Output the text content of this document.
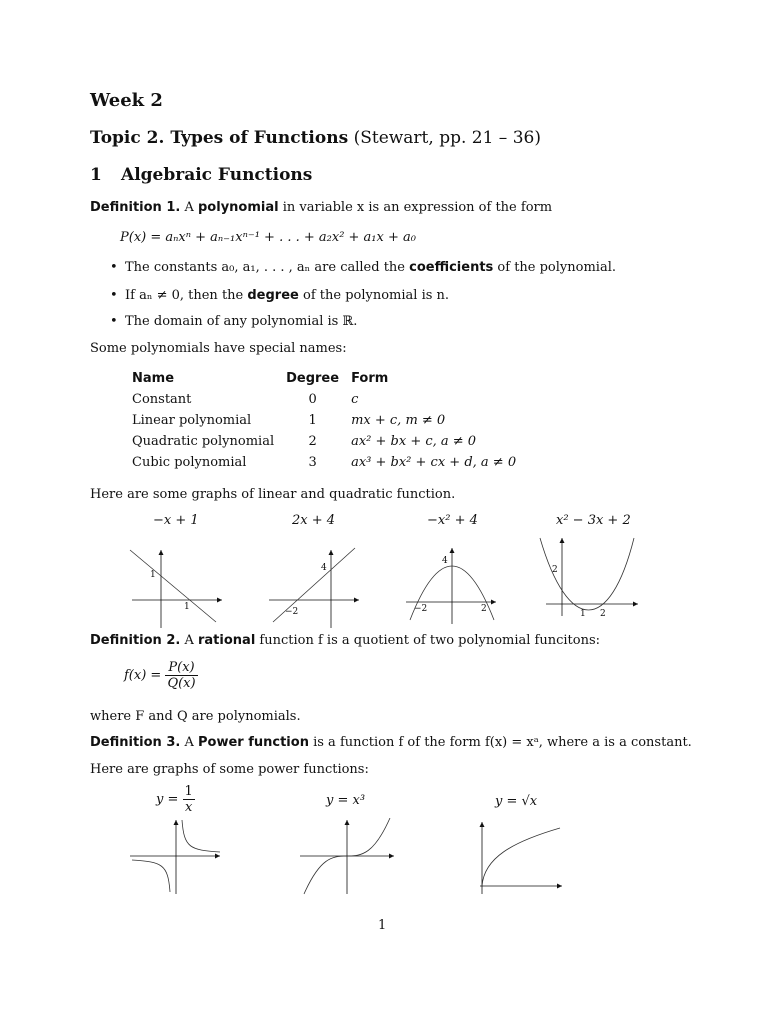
Week 2
Topic 2. Types of Functions (Stewart, pp. 21 – 36)
1 Algebraic Functions
Definition 1. A polynomial in variable x is an expression of the form
P(x) = aₙxⁿ + aₙ₋₁xⁿ⁻¹ + . . . + a₂x² + a₁x + a₀
• The constants a₀, a₁, . . . , aₙ are called the coefficients of the polynomial.
• If aₙ ≠ 0, then the degree of the polynomial is n.
• The domain of any polynomial is ℝ.
Some polynomials have special names:
Name	Degree	Form
Constant	0	c
Linear polynomial	1	mx + c, m ≠ 0
Quadratic polynomial	2	ax² + bx + c, a ≠ 0
Cubic polynomial	3	ax³ + bx² + cx + d, a ≠ 0
Here are some graphs of linear and quadratic function.
−x + 1	2x + 4	−x² + 4	x² − 3x + 2
1
1
4
−2
4
−2	2
2
1 2
Definition 2. A rational function f is a quotient of two polynomial funcitons:
$f(x) = \frac{P(x)}{Q(x)}$
where F and Q are polynomials.
Definition 3. A Power function is a function f of the form f(x) = xᵃ, where a is a constant.
Here are graphs of some power functions:
$y = \frac{1}{x}$	y = x³	y = √x
1
